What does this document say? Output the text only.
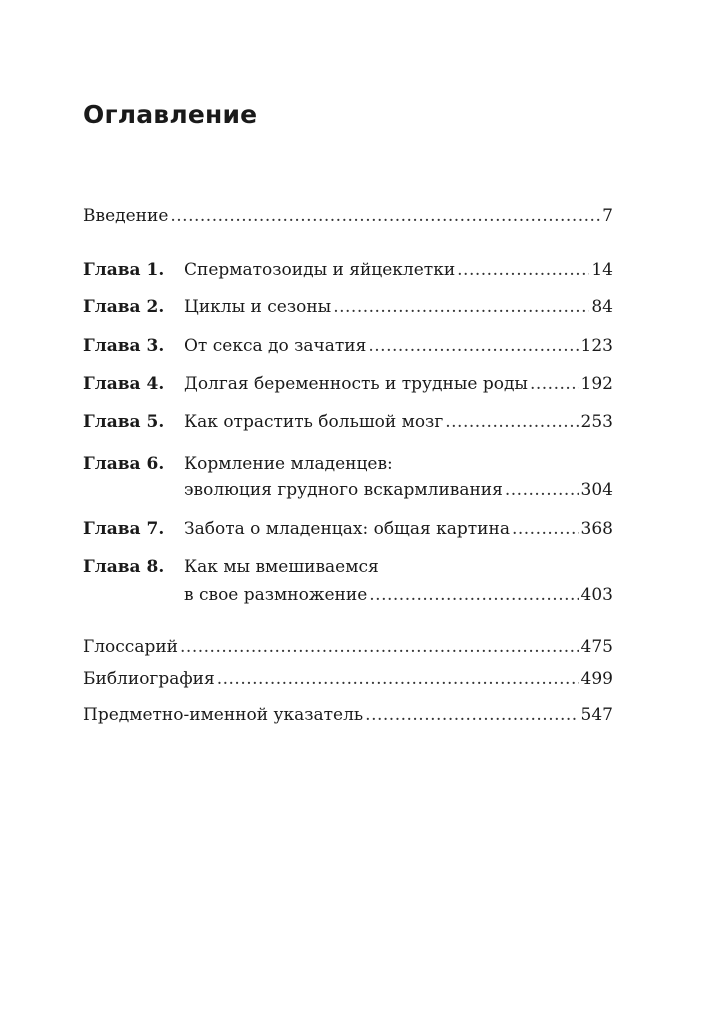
Оглавление
Введение .....	7
Глава 1. Сперматозоиды и яйцеклетки .....	14
Глава 2. Циклы и сезоны .....	84
Глава 3. От секса до зачатия .....	123
Глава 4. Долгая беременность и трудные роды .....	192
Глава 5. Как отрастить большой мозг .....	253
Глава 6. Кормление младенцев:
эволюция грудного вскармливания .....	304
Глава 7. Забота о младенцах: общая картина .....	368
Глава 8. Как мы вмешиваемся
в свое размножение .....	403
Глоссарий .....	475
Библиография .....	499
Предметно-именной указатель .....	547
